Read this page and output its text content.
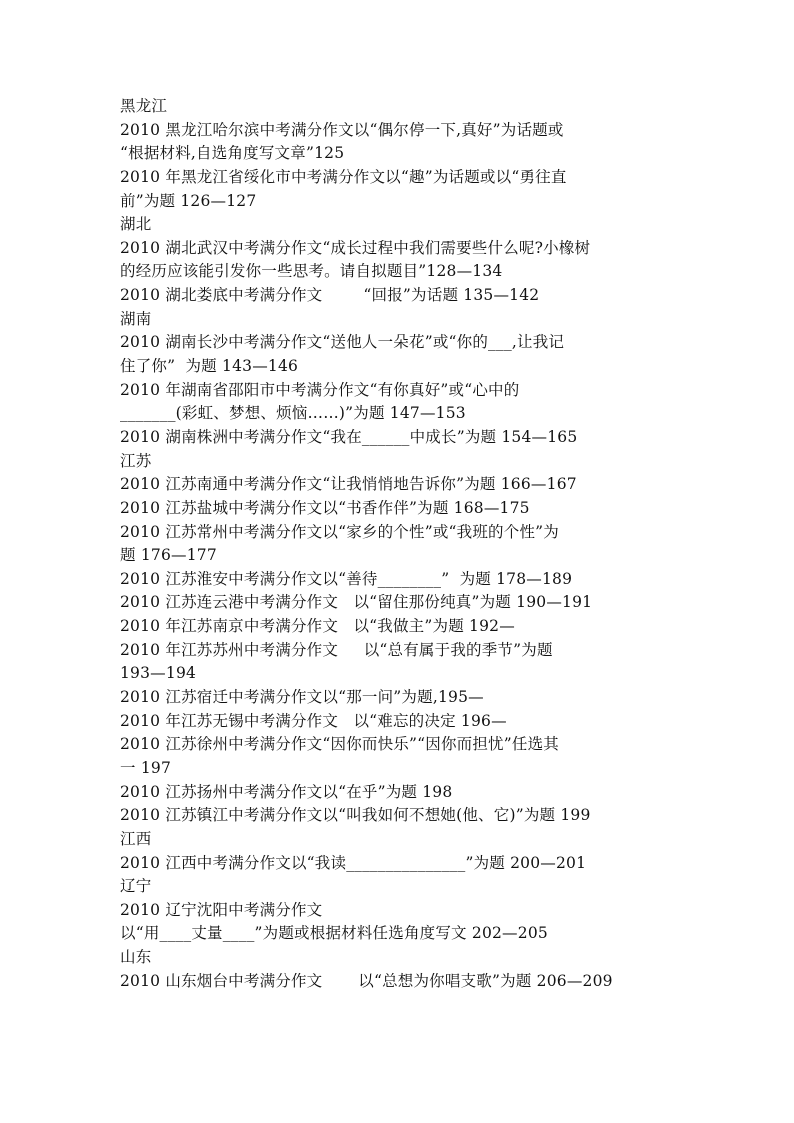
黑龙江
2010 黑龙江哈尔滨中考满分作文以“偶尔停一下,真好”为话题或
“根据材料,自选角度写文章”125
2010 年黑龙江省绥化市中考满分作文以“趣”为话题或以“勇往直
前”为题 126—127
湖北
2010 湖北武汉中考满分作文“成长过程中我们需要些什么呢?小橡树
的经历应该能引发你一些思考。请自拟题目”128—134
2010 湖北娄底中考满分作文        “回报”为话题 135—142
湖南
2010 湖南长沙中考满分作文“送他人一朵花”或“你的___,让我记
住了你”  为题 143—146
2010 年湖南省邵阳市中考满分作文“有你真好”或“心中的
_______(彩虹、梦想、烦恼……)”为题 147—153
2010 湖南株洲中考满分作文“我在______中成长”为题 154—165
江苏
2010 江苏南通中考满分作文“让我悄悄地告诉你”为题 166—167
2010 江苏盐城中考满分作文以“书香作伴”为题 168—175
2010 江苏常州中考满分作文以“家乡的个性”或“我班的个性”为
题 176—177
2010 江苏淮安中考满分作文以“善待________”  为题 178—189
2010 江苏连云港中考满分作文   以“留住那份纯真”为题 190—191
2010 年江苏南京中考满分作文   以“我做主”为题 192—
2010 年江苏苏州中考满分作文     以“总有属于我的季节”为题
193—194
2010 江苏宿迁中考满分作文以“那一问”为题,195—
2010 年江苏无锡中考满分作文   以“难忘的决定 196—
2010 江苏徐州中考满分作文“因你而快乐”“因你而担忧”任选其
一 197
2010 江苏扬州中考满分作文以“在乎”为题 198
2010 江苏镇江中考满分作文以“叫我如何不想她(他、它)”为题 199
江西
2010 江西中考满分作文以“我读_______________”为题 200—201
辽宁
2010 辽宁沈阳中考满分作文
以“用____丈量____”为题或根据材料任选角度写文 202—205
山东
2010 山东烟台中考满分作文       以“总想为你唱支歌”为题 206—209
